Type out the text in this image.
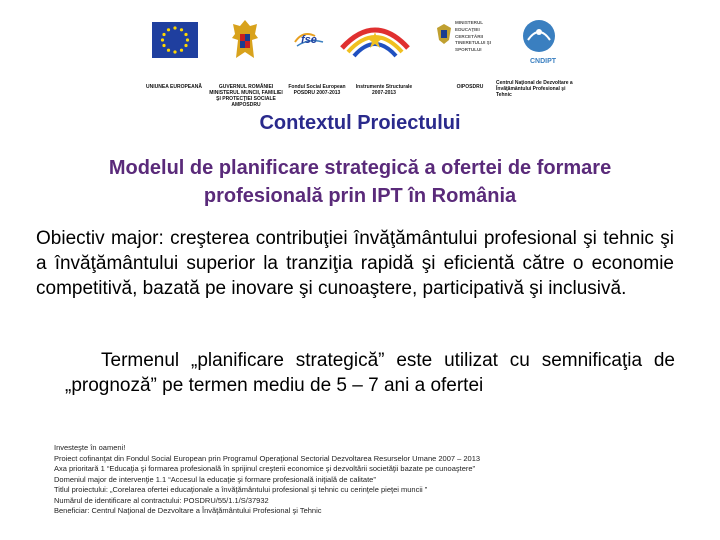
fse
MINISTERUL EDUCAŢIEI CERCETĂRII TINERETULUI ŞI SPORTULUI
CNDIPT
UNIUNEA EUROPEANĂ	GUVERNUL ROMÂNIEI MINISTERUL MUNCII, FAMILIEI ŞI PROTECŢIEI SOCIALE AMPOSDRU
Fondul Social European POSDRU 2007-2013
Instrumente Structurale 2007-2013
OIPOSDRU
Centrul Naţional de Dezvoltare a Învăţământului Profesional şi Tehnic
Contextul Proiectului
Modelul de planificare strategică a ofertei de formare
profesională prin IPT în România
Obiectiv major: creşterea contribuţiei învăţământului profesional şi tehnic şi a învăţământului superior la tranziţia rapidă şi eficientă către o economie competitivă, bazată pe inovare şi cunoaştere, participativă şi inclusivă.
Termenul „planificare strategică” este utilizat cu semnificaţia de „prognoză” pe termen mediu de 5 – 7 ani a ofertei
Investeşte în oameni!
Proiect cofinanţat din Fondul Social European prin Programul Operaţional Sectorial Dezvoltarea Resurselor Umane 2007 – 2013
Axa prioritară 1 “Educaţia şi formarea profesională în sprijinul creşterii economice şi dezvoltării societăţii bazate pe cunoaştere”
Domeniul major de intervenţie 1.1 “Accesul la educaţie şi formare profesională iniţială de calitate”
Titlul proiectului: „Corelarea ofertei educaţionale a învăţământului profesional şi tehnic cu cerinţele pieţei muncii ”
Numărul de identificare al contractului: POSDRU/55/1.1/S/37932
Beneficiar: Centrul Naţional de Dezvoltare a Învăţământului Profesional şi Tehnic
